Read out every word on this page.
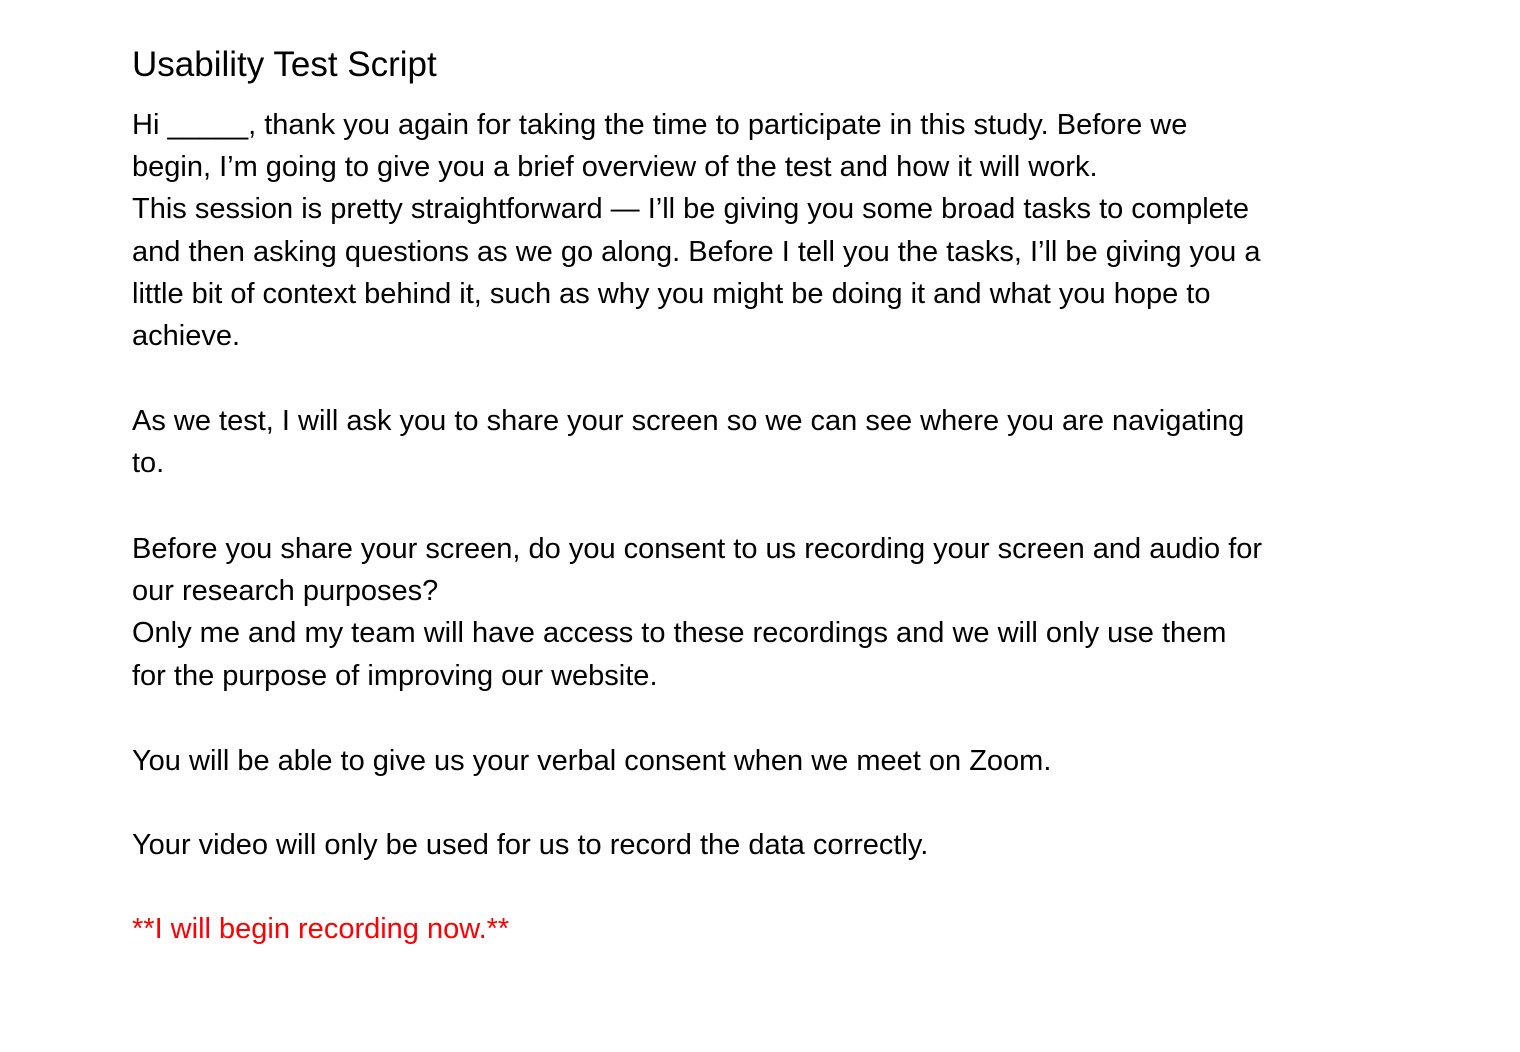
Usability Test Script

Hi _____, thank you again for taking the time to participate in this study. Before we
begin, I’m going to give you a brief overview of the test and how it will work.
This session is pretty straightforward — I’ll be giving you some broad tasks to complete
and then asking questions as we go along. Before I tell you the tasks, I’ll be giving you a
little bit of context behind it, such as why you might be doing it and what you hope to
achieve.

As we test, I will ask you to share your screen so we can see where you are navigating
to.

Before you share your screen, do you consent to us recording your screen and audio for
our research purposes?
Only me and my team will have access to these recordings and we will only use them
for the purpose of improving our website.

You will be able to give us your verbal consent when we meet on Zoom.

Your video will only be used for us to record the data correctly.

**I will begin recording now.**
